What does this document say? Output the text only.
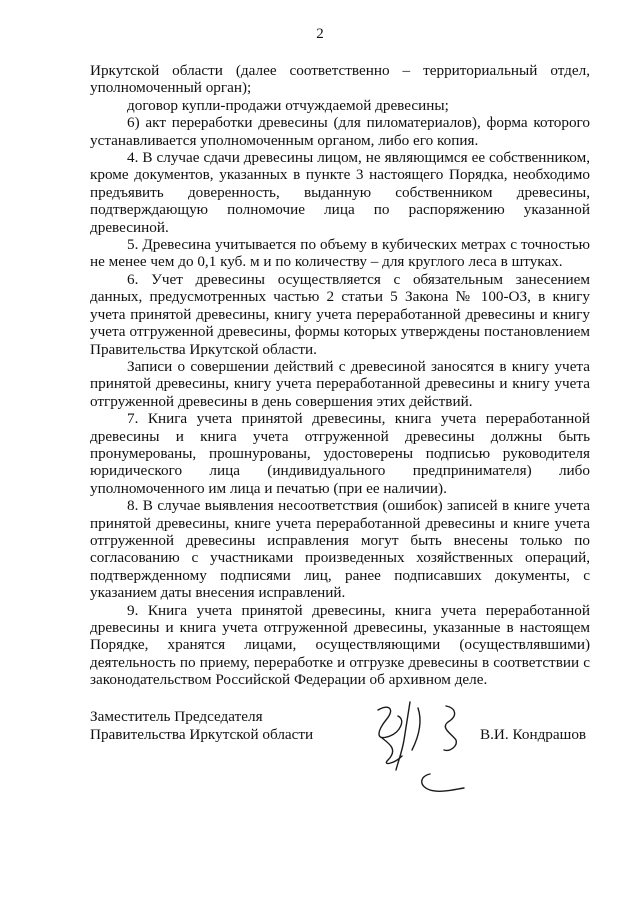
2

Иркутской области (далее соответственно – территориальный отдел, уполномоченный орган);

договор купли-продажи отчуждаемой древесины;

6) акт переработки древесины (для пиломатериалов), форма которого устанавливается уполномоченным органом, либо его копия.

4. В случае сдачи древесины лицом, не являющимся ее собственником, кроме документов, указанных в пункте 3 настоящего Порядка, необходимо предъявить доверенность, выданную собственником древесины, подтверждающую полномочие лица по распоряжению указанной древесиной.

5. Древесина учитывается по объему в кубических метрах с точностью не менее чем до 0,1 куб. м и по количеству – для круглого леса в штуках.

6. Учет древесины осуществляется с обязательным занесением данных, предусмотренных частью 2 статьи 5 Закона № 100-ОЗ, в книгу учета принятой древесины, книгу учета переработанной древесины и книгу учета отгруженной древесины, формы которых утверждены постановлением Правительства Иркутской области.

Записи о совершении действий с древесиной заносятся в книгу учета принятой древесины, книгу учета переработанной древесины и книгу учета отгруженной древесины в день совершения этих действий.

7. Книга учета принятой древесины, книга учета переработанной древесины и книга учета отгруженной древесины должны быть пронумерованы, прошнурованы, удостоверены подписью руководителя юридического лица (индивидуального предпринимателя) либо уполномоченного им лица и печатью (при ее наличии).

8. В случае выявления несоответствия (ошибок) записей в книге учета принятой древесины, книге учета переработанной древесины и книге учета отгруженной древесины исправления могут быть внесены только по согласованию с участниками произведенных хозяйственных операций, подтвержденному подписями лиц, ранее подписавших документы, с указанием даты внесения исправлений.

9. Книга учета принятой древесины, книга учета переработанной древесины и книга учета отгруженной древесины, указанные в настоящем Порядке, хранятся лицами, осуществляющими (осуществлявшими) деятельность по приему, переработке и отгрузке древесины в соответствии с законодательством Российской Федерации об архивном деле.

Заместитель Председателя
Правительства Иркутской области	В.И. Кондрашов
